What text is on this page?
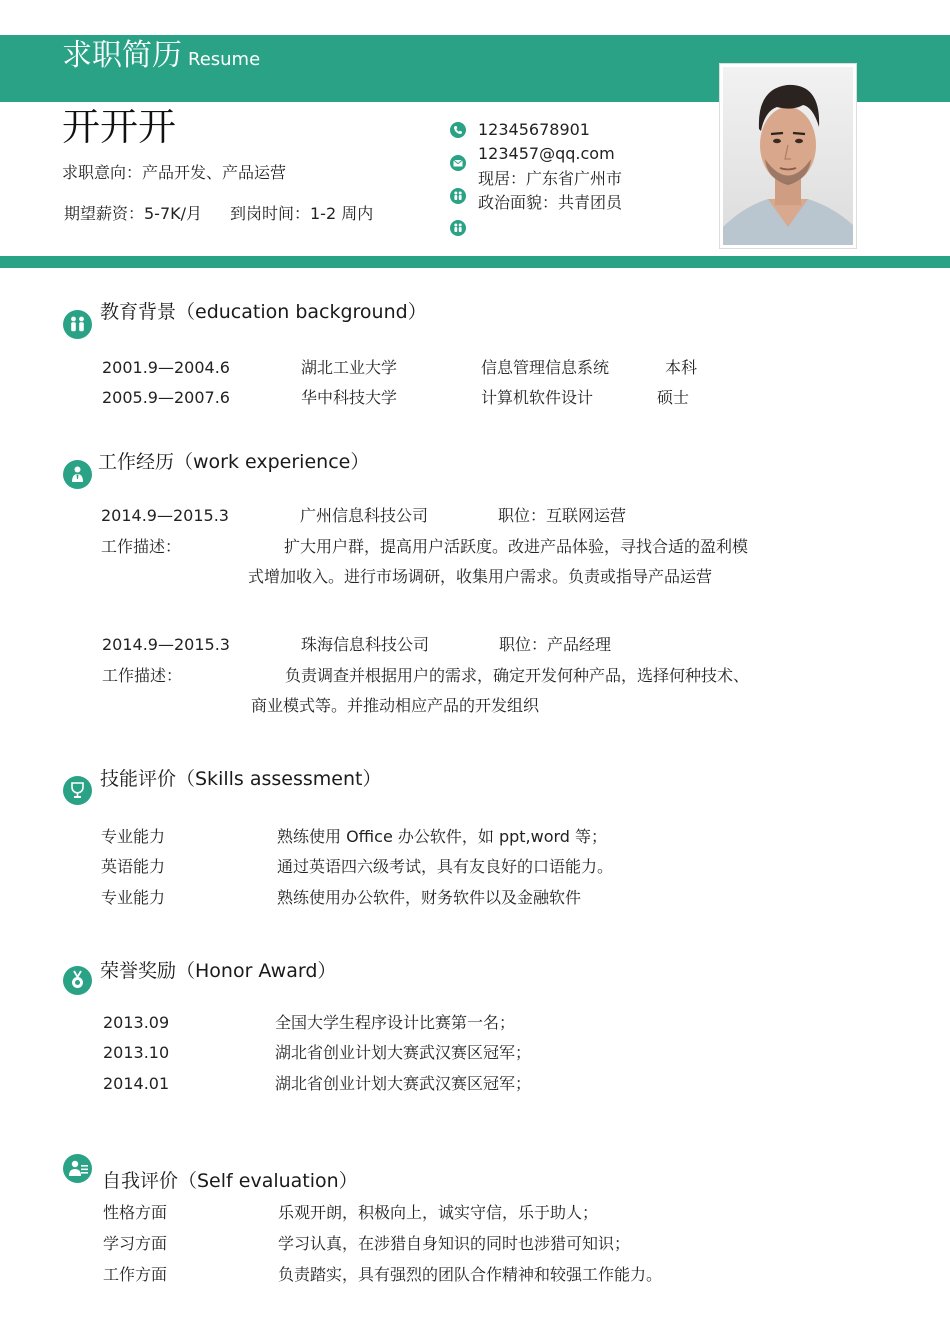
求职简历 Resume
开开开
求职意向：产品开发、产品运营
期望薪资：5-7K/月 到岗时间：1-2 周内
12345678901
123457@qq.com
现居：广东省广州市
政治面貌：共青团员
教育背景（education background）
2001.9—2004.6	湖北工业大学	信息管理信息系统	本科
2005.9—2007.6	华中科技大学	计算机软件设计	硕士
工作经历（work experience）
2014.9—2015.3	广州信息科技公司	职位：互联网运营
工作描述：	扩大用户群，提高用户活跃度。改进产品体验，寻找合适的盈利模
式增加收入。进行市场调研，收集用户需求。负责或指导产品运营
2014.9—2015.3	珠海信息科技公司	职位：产品经理
工作描述：	负责调查并根据用户的需求，确定开发何种产品，选择何种技术、
商业模式等。并推动相应产品的开发组织
技能评价（Skills assessment）
专业能力	熟练使用 Office 办公软件，如 ppt,word 等；
英语能力	通过英语四六级考试，具有友良好的口语能力。
专业能力	熟练使用办公软件，财务软件以及金融软件
荣誉奖励（Honor Award）
2013.09	全国大学生程序设计比赛第一名；
2013.10	湖北省创业计划大赛武汉赛区冠军；
2014.01	湖北省创业计划大赛武汉赛区冠军；
自我评价（Self evaluation）
性格方面	乐观开朗，积极向上，诚实守信，乐于助人；
学习方面	学习认真，在涉猎自身知识的同时也涉猎可知识；
工作方面	负责踏实，具有强烈的团队合作精神和较强工作能力。
